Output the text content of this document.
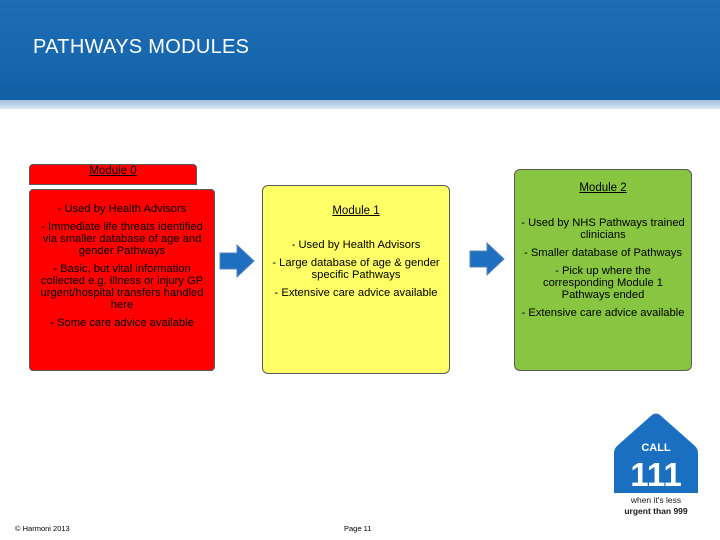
PATHWAYS MODULES
Module 0

- Used by Health Advisors

- Immediate life threats identified via smaller database of age and gender Pathways

- Basic, but vital information collected e.g. illness or injury GP urgent/hospital transfers handled here

- Some care advice available

Module 1

- Used by Health Advisors

- Large database of age & gender specific Pathways

- Extensive care advice available

Module 2

- Used by NHS Pathways trained clinicians

- Smaller database of Pathways

- Pick up where the corresponding Module 1 Pathways ended

- Extensive care advice available

CALL
111
when it's less
urgent than 999
© Harmoni 2013	Page 11
